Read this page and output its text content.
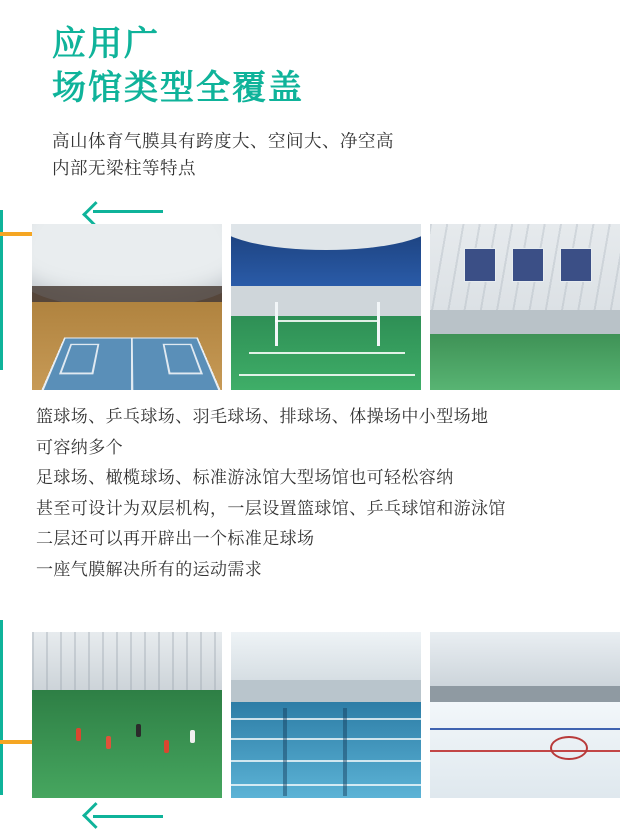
应用广
场馆类型全覆盖
高山体育气膜具有跨度大、空间大、净空高
内部无梁柱等特点
篮球场、乒乓球场、羽毛球场、排球场、体操场中小型场地
可容纳多个
足球场、橄榄球场、标准游泳馆大型场馆也可轻松容纳
甚至可设计为双层机构，一层设置篮球馆、乒乓球馆和游泳馆
二层还可以再开辟出一个标准足球场
一座气膜解决所有的运动需求
